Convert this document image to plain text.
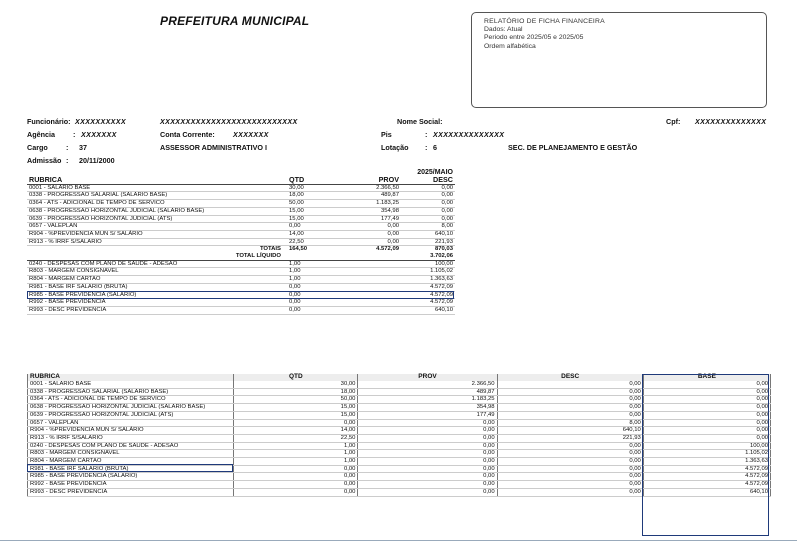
PREFEITURA MUNICIPAL	RELATÓRIO DE FICHA FINANCEIRA
Dados: Atual
Periodo entre 2025/05 e 2025/05
Ordem alfabética
Funcionário: XXXXXXXXXX	XXXXXXXXXXXXXXXXXXXXXXXXXXX	Nome Social:	Cpf: XXXXXXXXXXXXXX
Agência	: XXXXXXX	Conta Corrente:	XXXXXXX	Pis	: XXXXXXXXXXXXXX
Cargo	: 37	ASSESSOR ADMINISTRATIVO I	Lotação : 6	SEC. DE PLANEJAMENTO E GESTÃO
Admissão : 20/11/2000
			2025/MAIO
RUBRICA	QTD	PROV	DESC
0001 - SALARIO BASE	30,00	2.366,50	0,00
0338 - PROGRESSAO SALARIAL (SALARIO BASE)	18,00	489,87	0,00
0364 - ATS - ADICIONAL DE TEMPO DE SERVICO	50,00	1.183,25	0,00
0638 - PROGRESSAO HORIZONTAL JUDICIAL (SALARIO BASE)	15,00	354,98	0,00
0639 - PROGRESSAO HORIZONTAL JUDICIAL (ATS)	15,00	177,49	0,00
0657 - VALEPLAN	0,00	0,00	8,00
R904 - %PREVIDENCIA MUN S/ SALÁRIO	14,00	0,00	640,10
R913 - % IRRF S/SALARIO	22,50	0,00	221,93
TOTAIS	164,50	4.572,09	870,03
TOTAL LÍQUIDO			3.702,06
0240 - DESPESAS COM PLANO DE SAUDE - ADESAO	1,00		100,00
R803 - MARGEM CONSIGNAVEL	1,00		1.105,02
R804 - MARGEM CARTAO	1,00		1.363,63
R981 - BASE IRF SALARIO (BRUTA)	0,00		4.572,09
R985 - BASE PREVIDENCIA (SALARIO)	0,00		4.572,09
R992 - BASE PREVIDENCIA	0,00		4.572,09
R993 - DESC PREVIDENCIA	0,00		640,10
RUBRICA	QTD	PROV	DESC	BASE
0001 - SALARIO BASE	30,00	2.366,50	0,00	0,00
0338 - PROGRESSAO SALARIAL (SALARIO BASE)	18,00	489,87	0,00	0,00
0364 - ATS - ADICIONAL DE TEMPO DE SERVICO	50,00	1.183,25	0,00	0,00
0638 - PROGRESSAO HORIZONTAL JUDICIAL (SALARIO BASE)	15,00	354,98	0,00	0,00
0639 - PROGRESSAO HORIZONTAL JUDICIAL (ATS)	15,00	177,49	0,00	0,00
0657 - VALEPLAN	0,00	0,00	8,00	0,00
R904 - %PREVIDENCIA MUN S/ SALÁRIO	14,00	0,00	640,10	0,00
R913 - % IRRF S/SALARIO	22,50	0,00	221,93	0,00
0240 - DESPESAS COM PLANO DE SAUDE - ADESAO	1,00	0,00	0,00	100,00
R803 - MARGEM CONSIGNAVEL	1,00	0,00	0,00	1.105,02
R804 - MARGEM CARTAO	1,00	0,00	0,00	1.363,63
R981 - BASE IRF SALARIO (BRUTA)	0,00	0,00	0,00	4.572,09
R985 - BASE PREVIDENCIA (SALARIO)	0,00	0,00	0,00	4.572,09
R992 - BASE PREVIDENCIA	0,00	0,00	0,00	4.572,09
R993 - DESC PREVIDENCIA	0,00	0,00	0,00	640,10
